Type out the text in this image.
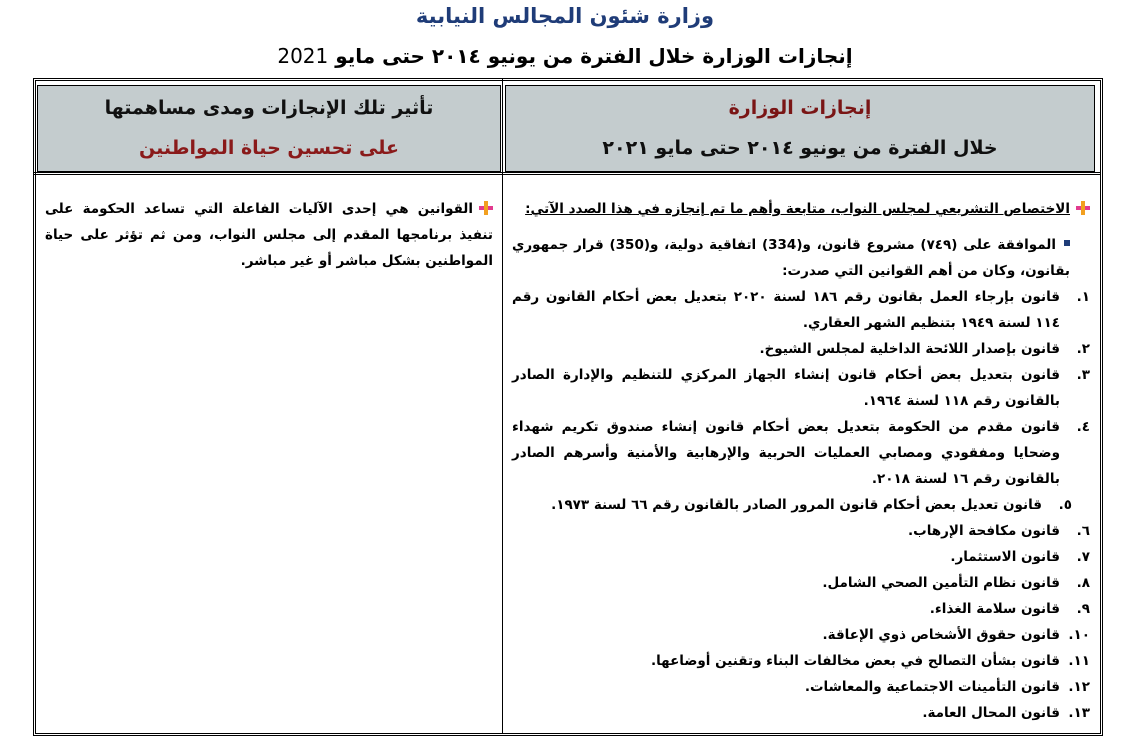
وزارة شئون المجالس النيابية
إنجازات الوزارة خلال الفترة من يونيو ٢٠١٤ حتى مايو 2021
إنجازات الوزارة
خلال الفترة من يونيو ٢٠١٤ حتى مايو ٢٠٢١
تأثير تلك الإنجازات ومدى مساهمتها
على تحسين حياة المواطنين
الاختصاص التشريعي لمجلس النواب، متابعة وأهم ما تم إنجازه في هذا الصدد الآتي:
الموافقة على (٧٤٩) مشروع قانون، و(334) اتفاقية دولية، و(350) قرار جمهوري بقانون، وكان من أهم القوانين التي صدرت:
١.
قانون بإرجاء العمل بقانون رقم ١٨٦ لسنة ٢٠٢٠ بتعديل بعض أحكام القانون رقم ١١٤ لسنة ١٩٤٩ بتنظيم الشهر العقاري.
٢.
قانون بإصدار اللائحة الداخلية لمجلس الشيوخ.
٣.
قانون بتعديل بعض أحكام قانون إنشاء الجهاز المركزي للتنظيم والإدارة الصادر بالقانون رقم ١١٨ لسنة ١٩٦٤.
٤.
قانون مقدم من الحكومة بتعديل بعض أحكام قانون إنشاء صندوق تكريم شهداء وضحايا ومفقودي ومصابي العمليات الحربية والإرهابية والأمنية وأسرهم الصادر بالقانون رقم ١٦ لسنة ٢٠١٨.
٥.
قانون تعديل بعض أحكام قانون المرور الصادر بالقانون رقم ٦٦ لسنة ١٩٧٣.
٦.
قانون مكافحة الإرهاب.
٧.
قانون الاستثمار.
٨.
قانون نظام التأمين الصحي الشامل.
٩.
قانون سلامة الغذاء.
١٠.
قانون حقوق الأشخاص ذوي الإعاقة.
١١.
قانون بشأن التصالح في بعض مخالفات البناء وتقنين أوضاعها.
١٢.
قانون التأمينات الاجتماعية والمعاشات.
١٣.
قانون المحال العامة.
القوانين هي إحدى الآليات الفاعلة التي تساعد الحكومة على تنفيذ برنامجها المقدم إلى مجلس النواب، ومن ثم تؤثر على حياة المواطنين بشكل مباشر أو غير مباشر.
